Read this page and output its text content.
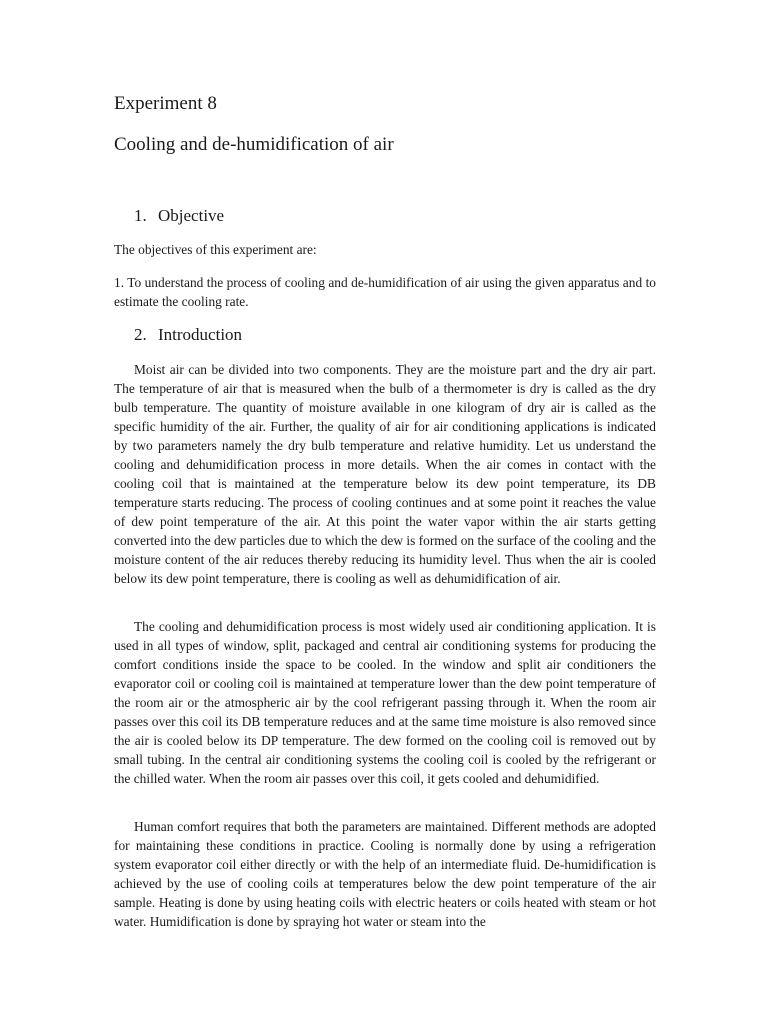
Experiment 8
Cooling and de-humidification of air
1. Objective

The objectives of this experiment are:

1. To understand the process of cooling and de-humidification of air using the given apparatus and to estimate the cooling rate.

2. Introduction

Moist air can be divided into two components. They are the moisture part and the dry air part. The temperature of air that is measured when the bulb of a thermometer is dry is called as the dry bulb temperature. The quantity of moisture available in one kilogram of dry air is called as the specific humidity of the air. Further, the quality of air for air conditioning applications is indicated by two parameters namely the dry bulb temperature and relative humidity. Let us understand the cooling and dehumidification process in more details. When the air comes in contact with the cooling coil that is maintained at the temperature below its dew point temperature, its DB temperature starts reducing. The process of cooling continues and at some point it reaches the value of dew point temperature of the air. At this point the water vapor within the air starts getting converted into the dew particles due to which the dew is formed on the surface of the cooling and the moisture content of the air reduces thereby reducing its humidity level. Thus when the air is cooled below its dew point temperature, there is cooling as well as dehumidification of air.

The cooling and dehumidification process is most widely used air conditioning application. It is used in all types of window, split, packaged and central air conditioning systems for producing the comfort conditions inside the space to be cooled. In the window and split air conditioners the evaporator coil or cooling coil is maintained at temperature lower than the dew point temperature of the room air or the atmospheric air by the cool refrigerant passing through it. When the room air passes over this coil its DB temperature reduces and at the same time moisture is also removed since the air is cooled below its DP temperature. The dew formed on the cooling coil is removed out by small tubing. In the central air conditioning systems the cooling coil is cooled by the refrigerant or the chilled water. When the room air passes over this coil, it gets cooled and dehumidified.

Human comfort requires that both the parameters are maintained. Different methods are adopted for maintaining these conditions in practice. Cooling is normally done by using a refrigeration system evaporator coil either directly or with the help of an intermediate fluid. De-humidification is achieved by the use of cooling coils at temperatures below the dew point temperature of the air sample. Heating is done by using heating coils with electric heaters or coils heated with steam or hot water. Humidification is done by spraying hot water or steam into the
